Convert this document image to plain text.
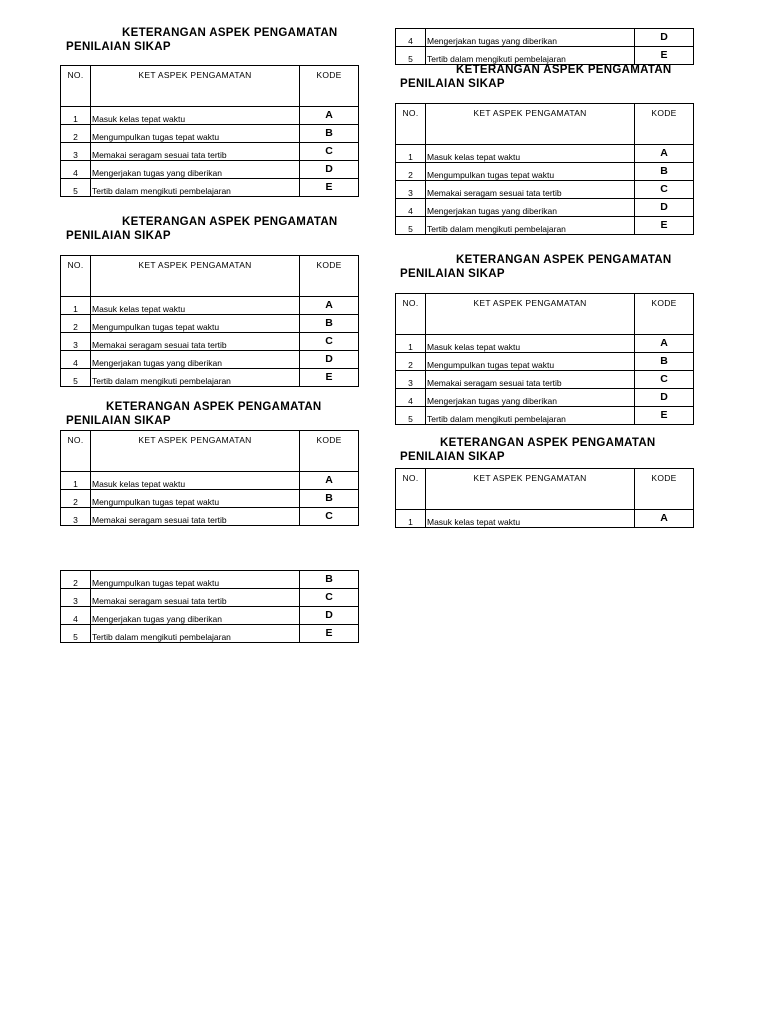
KETERANGAN ASPEK PENGAMATAN
PENILAIAN SIKAP
NO.	KET ASPEK PENGAMATAN	KODE
1	Masuk kelas tepat waktu	A
2	Mengumpulkan tugas tepat waktu	B
3	Memakai seragam sesuai tata tertib	C
4	Mengerjakan tugas yang diberikan	D
5	Tertib dalam mengikuti pembelajaran	E
KETERANGAN ASPEK PENGAMATAN
PENILAIAN SIKAP
NO.	KET ASPEK PENGAMATAN	KODE
1	Masuk kelas tepat waktu	A
2	Mengumpulkan tugas tepat waktu	B
3	Memakai seragam sesuai tata tertib	C
4	Mengerjakan tugas yang diberikan	D
5	Tertib dalam mengikuti pembelajaran	E
KETERANGAN ASPEK PENGAMATAN
PENILAIAN SIKAP
NO.	KET ASPEK PENGAMATAN	KODE
1	Masuk kelas tepat waktu	A
2	Mengumpulkan tugas tepat waktu	B
3	Memakai seragam sesuai tata tertib	C
2	Mengumpulkan tugas tepat waktu	B
3	Memakai seragam sesuai tata tertib	C
4	Mengerjakan tugas yang diberikan	D
5	Tertib dalam mengikuti pembelajaran	E
4	Mengerjakan tugas yang diberikan	D
5	Tertib dalam mengikuti pembelajaran	E
KETERANGAN ASPEK PENGAMATAN
PENILAIAN SIKAP
NO.	KET ASPEK PENGAMATAN	KODE
1	Masuk kelas tepat waktu	A
2	Mengumpulkan tugas tepat waktu	B
3	Memakai seragam sesuai tata tertib	C
4	Mengerjakan tugas yang diberikan	D
5	Tertib dalam mengikuti pembelajaran	E
KETERANGAN ASPEK PENGAMATAN
PENILAIAN SIKAP
NO.	KET ASPEK PENGAMATAN	KODE
1	Masuk kelas tepat waktu	A
2	Mengumpulkan tugas tepat waktu	B
3	Memakai seragam sesuai tata tertib	C
4	Mengerjakan tugas yang diberikan	D
5	Tertib dalam mengikuti pembelajaran	E
KETERANGAN ASPEK PENGAMATAN
PENILAIAN SIKAP
NO.	KET ASPEK PENGAMATAN	KODE
1	Masuk kelas tepat waktu	A
